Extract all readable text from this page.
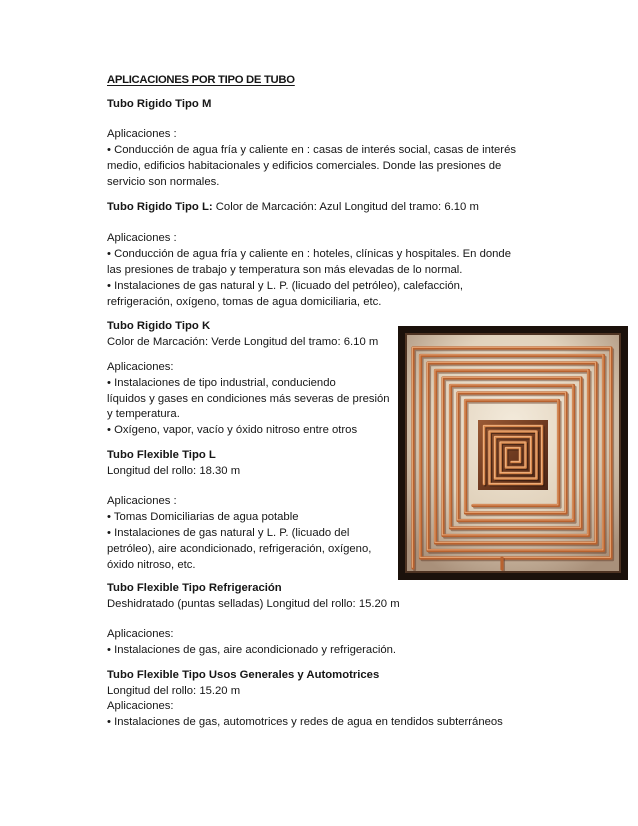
APLICACIONES POR TIPO DE TUBO
Tubo Rigido Tipo M
Aplicaciones :
• Conducción de agua fría y caliente en : casas de interés social, casas de interés
medio, edificios habitacionales y edificios comerciales. Donde las presiones de
servicio son normales.
Tubo Rigido Tipo L: Color de Marcación: Azul Longitud del tramo: 6.10 m
Aplicaciones :
• Conducción de agua fría y caliente en : hoteles, clínicas y hospitales. En donde
las presiones de trabajo y temperatura son más elevadas de lo normal.
• Instalaciones de gas natural y L. P. (licuado del petróleo), calefacción,
refrigeración, oxígeno, tomas de agua domiciliaria, etc.
Tubo Rigido Tipo K
Color de Marcación: Verde Longitud del tramo: 6.10 m
Aplicaciones:
• Instalaciones de tipo industrial, conduciendo
líquidos y gases en condiciones más severas de presión
y temperatura.
• Oxígeno, vapor, vacío y óxido nitroso entre otros
Tubo Flexible Tipo L
Longitud del rollo: 18.30 m
Aplicaciones :
• Tomas Domiciliarias de agua potable
• Instalaciones de gas natural y L. P. (licuado del
petróleo), aire acondicionado, refrigeración, oxígeno,
óxido nitroso, etc.
Tubo Flexible Tipo Refrigeración
Deshidratado (puntas selladas) Longitud del rollo: 15.20 m
Aplicaciones:
• Instalaciones de gas, aire acondicionado y refrigeración.
Tubo Flexible Tipo Usos Generales y Automotrices
Longitud del rollo: 15.20 m
Aplicaciones:
• Instalaciones de gas, automotrices y redes de agua en tendidos subterráneos
